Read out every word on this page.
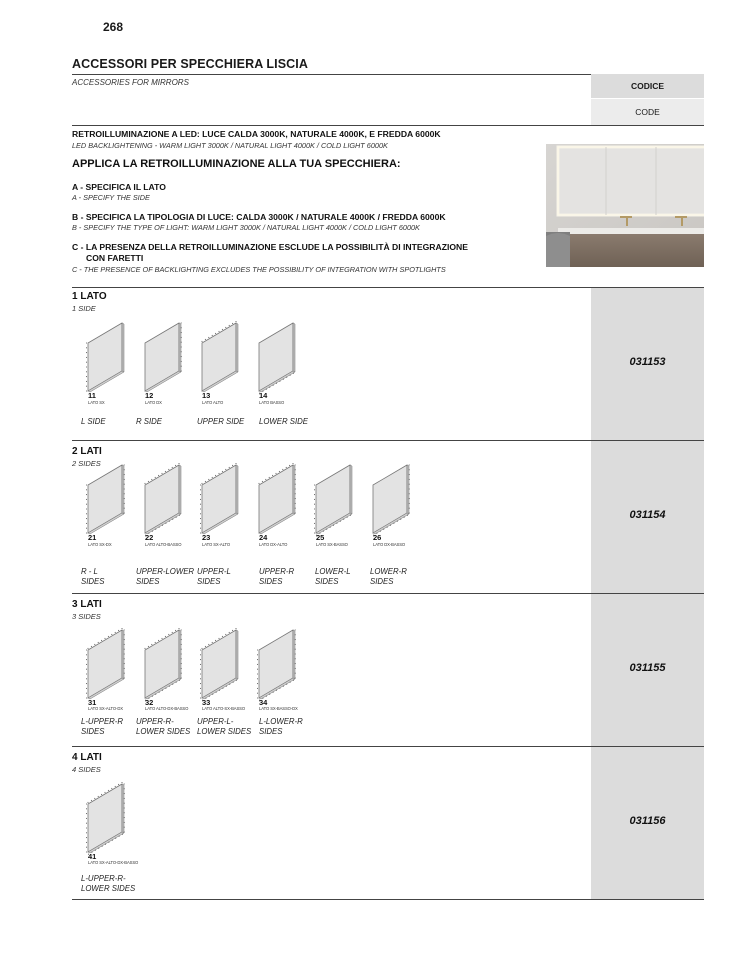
268
ACCESSORI PER SPECCHIERA LISCIA
ACCESSORIES FOR MIRRORS	CODICE
CODE
RETROILLUMINAZIONE A LED: LUCE CALDA 3000K, NATURALE 4000K, E FREDDA 6000K
LED BACKLIGHTENING - WARM LIGHT 3000K / NATURAL LIGHT 4000K / COLD LIGHT 6000K
APPLICA LA RETROILLUMINAZIONE ALLA TUA SPECCHIERA:
A - SPECIFICA IL LATO
A - SPECIFY THE SIDE
B - SPECIFICA LA TIPOLOGIA DI LUCE: CALDA 3000K / NATURALE 4000K / FREDDA 6000K
B - SPECIFY THE TYPE OF LIGHT: WARM LIGHT 3000K / NATURAL LIGHT 4000K / COLD LIGHT 6000K
C - LA PRESENZA DELLA RETROILLUMINAZIONE ESCLUDE LA POSSIBILITÀ DI INTEGRAZIONE
CON FARETTI
C - THE PRESENCE OF BACKLIGHTING EXCLUDES THE POSSIBILITY OF INTEGRATION WITH SPOTLIGHTS
031153
1 LATO
1 SIDE
11
LATO SX
L SIDE
12
LATO DX
R SIDE
13
LATO ALTO
UPPER SIDE
14
LATO BASSO
LOWER SIDE
031154
2 LATI
2 SIDES
21
LATO SX-DX
R - L
SIDES
22
LATO ALTO-BASSO
UPPER-LOWER
SIDES
23
LATO SX-ALTO
UPPER-L
SIDES
24
LATO DX-ALTO
UPPER-R
SIDES
25
LATO SX-BASSO
LOWER-L
SIDES
26
LATO DX-BASSO
LOWER-R
SIDES
031155
3 LATI
3 SIDES
31
LATO SX-ALTO-DX
L-UPPER-R
SIDES
32
LATO ALTO-DX-BASSO
UPPER-R-
LOWER SIDES
33
LATO ALTO-SX-BASSO
UPPER-L-
LOWER SIDES
34
LATO SX-BASSO-DX
L-LOWER-R
SIDES
031156
4 LATI
4 SIDES
41
LATO SX-ALTO-DX-BASSO
L-UPPER-R-
LOWER SIDES
